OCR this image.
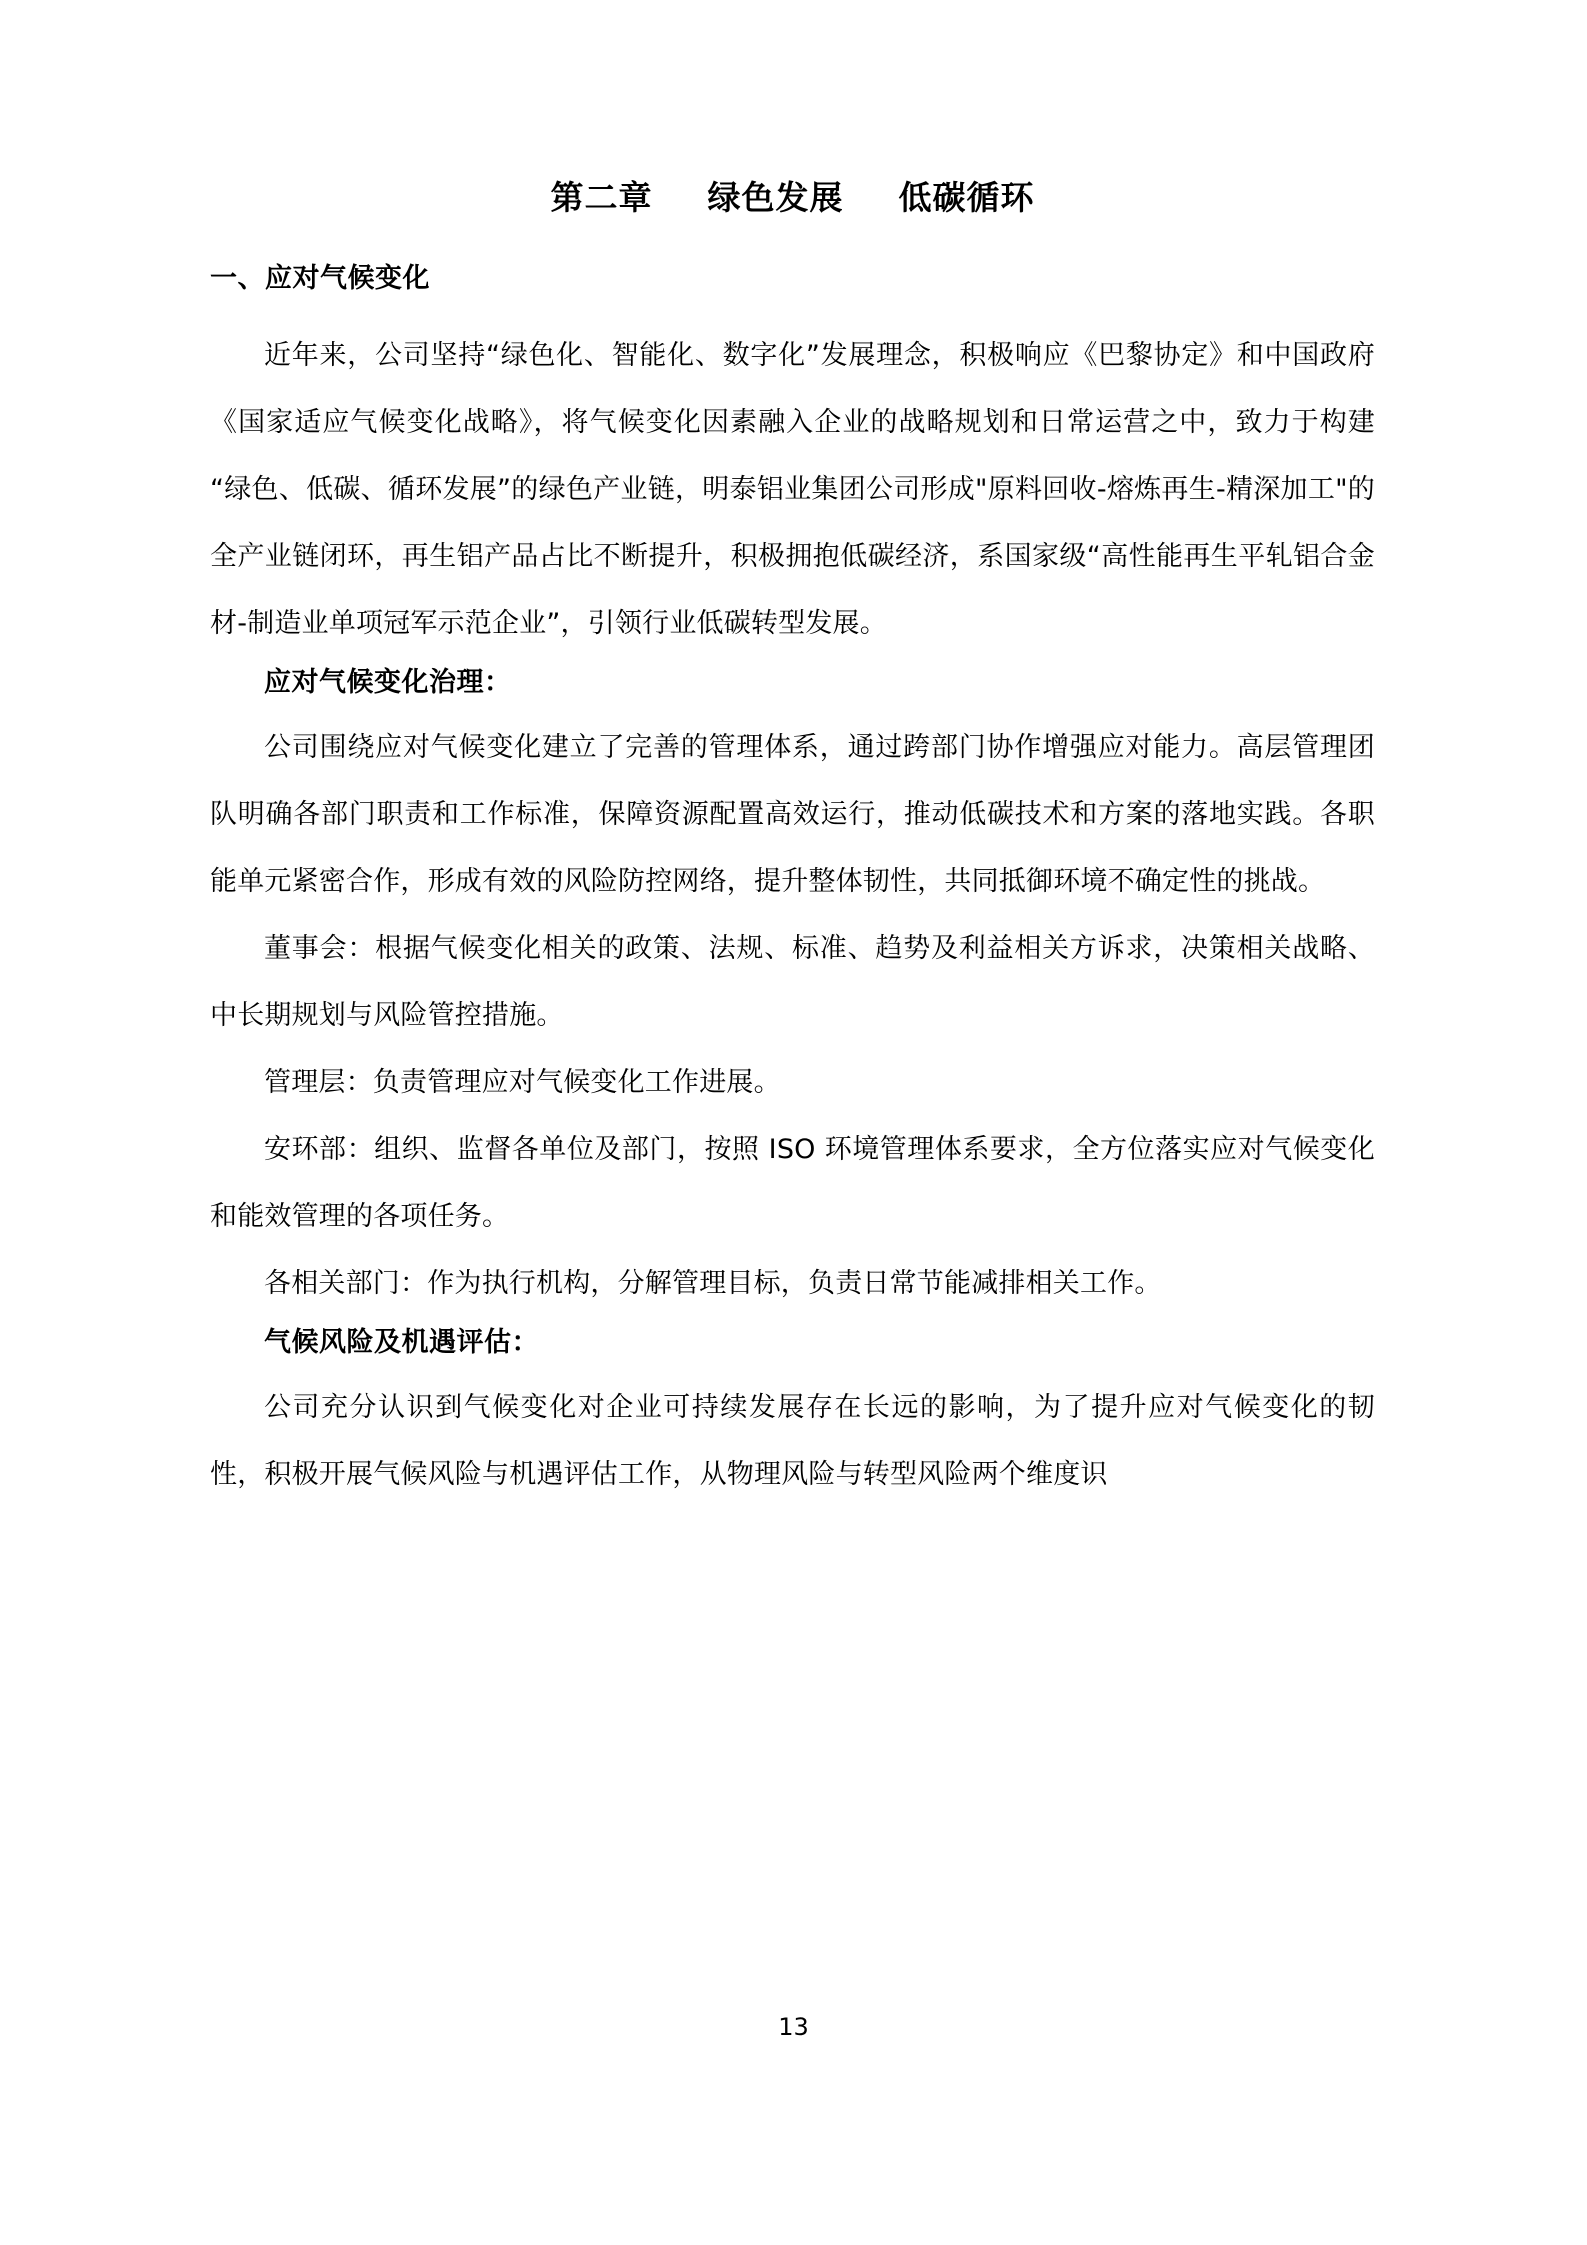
第二章 绿色发展 低碳循环
一、应对气候变化

近年来，公司坚持“绿色化、智能化、数字化”发展理念，积极响应《巴黎协定》和中国政府《国家适应气候变化战略》，将气候变化因素融入企业的战略规划和日常运营之中，致力于构建“绿色、低碳、循环发展”的绿色产业链，明泰铝业集团公司形成"原料回收-熔炼再生-精深加工"的全产业链闭环，再生铝产品占比不断提升，积极拥抱低碳经济，系国家级“高性能再生平轧铝合金材-制造业单项冠军示范企业”，引领行业低碳转型发展。

应对气候变化治理：

公司围绕应对气候变化建立了完善的管理体系，通过跨部门协作增强应对能力。高层管理团队明确各部门职责和工作标准，保障资源配置高效运行，推动低碳技术和方案的落地实践。各职能单元紧密合作，形成有效的风险防控网络，提升整体韧性，共同抵御环境不确定性的挑战。

董事会：根据气候变化相关的政策、法规、标准、趋势及利益相关方诉求，决策相关战略、中长期规划与风险管控措施。

管理层：负责管理应对气候变化工作进展。

安环部：组织、监督各单位及部门，按照 ISO 环境管理体系要求，全方位落实应对气候变化和能效管理的各项任务。

各相关部门：作为执行机构，分解管理目标，负责日常节能减排相关工作。

气候风险及机遇评估：

公司充分认识到气候变化对企业可持续发展存在长远的影响，为了提升应对气候变化的韧性，积极开展气候风险与机遇评估工作，从物理风险与转型风险两个维度识

13
